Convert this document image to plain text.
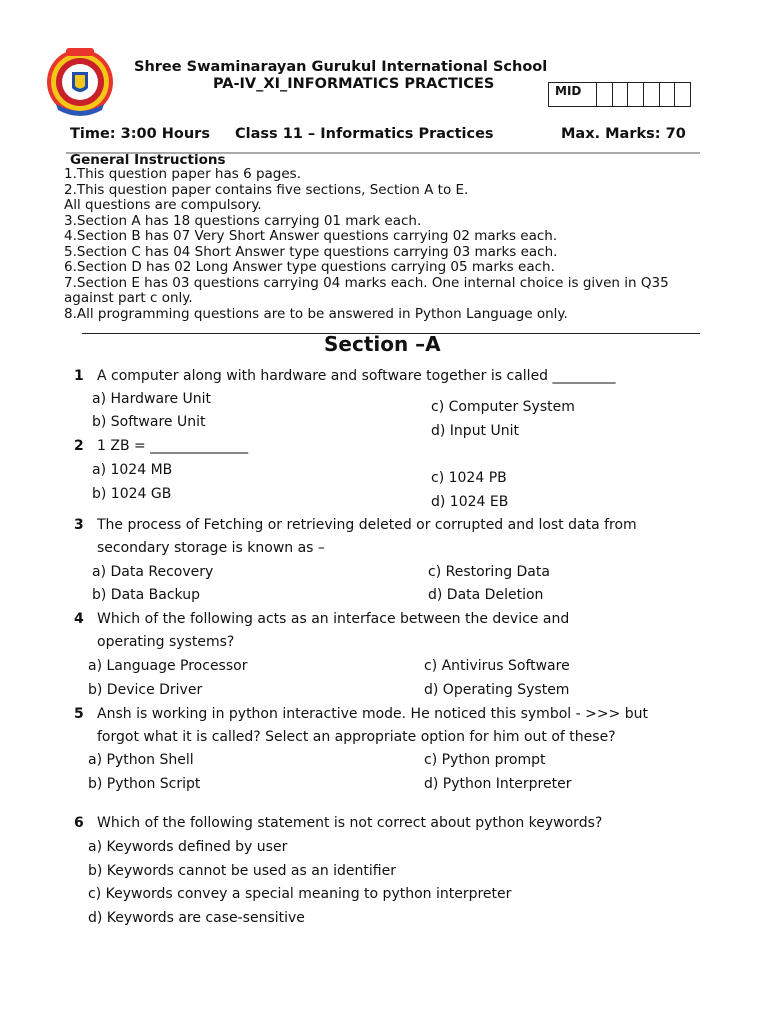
Shree Swaminarayan Gurukul International School
PA-IV_XI_INFORMATICS PRACTICES	MID
Time: 3:00 Hours Class 11 – Informatics Practices	Max. Marks: 70
General Instructions
1.This question paper has 6 pages.
2.This question paper contains five sections, Section A to E.
All questions are compulsory.
3.Section A has 18 questions carrying 01 mark each.
4.Section B has 07 Very Short Answer questions carrying 02 marks each.
5.Section C has 04 Short Answer type questions carrying 03 marks each.
6.Section D has 02 Long Answer type questions carrying 05 marks each.
7.Section E has 03 questions carrying 04 marks each. One internal choice is given in Q35
against part c only.
8.All programming questions are to be answered in Python Language only.
Section –A
1 A computer along with hardware and software together is called _________
a) Hardware Unit
b) Software Unit
c) Computer System
d) Input Unit
2 1 ZB = ______________
a) 1024 MB
b) 1024 GB
c) 1024 PB
d) 1024 EB
3 The process of Fetching or retrieving deleted or corrupted and lost data from
secondary storage is known as –
a) Data Recovery
b) Data Backup
c) Restoring Data
d) Data Deletion
4 Which of the following acts as an interface between the device and
operating systems?
a) Language Processor
b) Device Driver
c) Antivirus Software
d) Operating System
5 Ansh is working in python interactive mode. He noticed this symbol - >>> but
forgot what it is called? Select an appropriate option for him out of these?
a) Python Shell
b) Python Script
c) Python prompt
d) Python Interpreter
6 Which of the following statement is not correct about python keywords?
a) Keywords defined by user
b) Keywords cannot be used as an identifier
c) Keywords convey a special meaning to python interpreter
d) Keywords are case-sensitive
